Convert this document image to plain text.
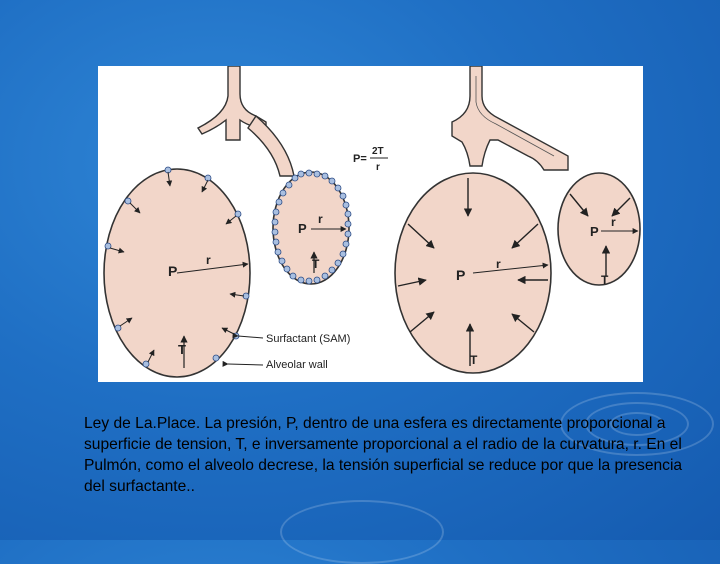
P
r
T
P
r
T
Surfactant (SAM)
Alveolar wall
P=
2T
r
P
r
T
P
r
T

Ley de La.Place. La presión, P, dentro de una esfera es directamente proporcional a superficie de tension, T, e inversamente proporcional a el radio de la curvatura, r. En el Pulmón, como el alveolo decrese, la tensión superficial se reduce por que la presencia del surfactante..
